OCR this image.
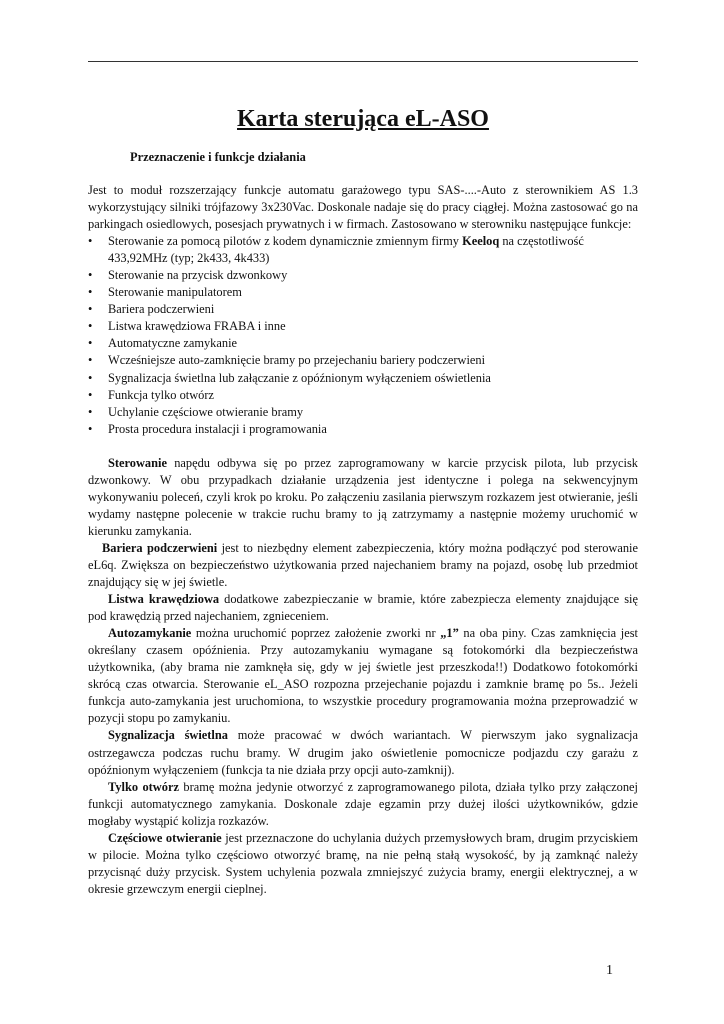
Karta sterująca eL-ASO
Przeznaczenie i funkcje działania

Jest to moduł rozszerzający funkcje automatu garażowego typu SAS-....-Auto z sterownikiem AS 1.3 wykorzystujący silniki trójfazowy 3x230Vac. Doskonale nadaje się do pracy ciągłej. Można zastosować go na parkingach osiedlowych, posesjach prywatnych i w firmach. Zastosowano w sterowniku następujące funkcje:

• Sterowanie za pomocą pilotów z kodem dynamicznie zmiennym firmy Keeloq na częstotliwość 433,92MHz (typ; 2k433, 4k433)
• Sterowanie na przycisk dzwonkowy
• Sterowanie manipulatorem
• Bariera podczerwieni
• Listwa krawędziowa FRABA i inne
• Automatyczne zamykanie
• Wcześniejsze auto-zamknięcie bramy po przejechaniu bariery podczerwieni
• Sygnalizacja świetlna lub załączanie z opóźnionym wyłączeniem oświetlenia
• Funkcja tylko otwórz
• Uchylanie częściowe otwieranie bramy
• Prosta procedura instalacji i programowania

Sterowanie napędu odbywa się po przez zaprogramowany w karcie przycisk pilota, lub przycisk dzwonkowy. W obu przypadkach działanie urządzenia jest identyczne i polega na sekwencyjnym wykonywaniu poleceń, czyli krok po kroku. Po załączeniu zasilania pierwszym rozkazem jest otwieranie, jeśli wydamy następne polecenie w trakcie ruchu bramy to ją zatrzymamy a następnie możemy uruchomić w kierunku zamykania.

Bariera podczerwieni jest to niezbędny element zabezpieczenia, który można podłączyć pod sterowanie eL6q. Zwiększa on bezpieczeństwo użytkowania przed najechaniem bramy na pojazd, osobę lub przedmiot znajdujący się w jej świetle.

Listwa krawędziowa dodatkowe zabezpieczanie w bramie, które zabezpiecza elementy znajdujące się pod krawędzią przed najechaniem, zgnieceniem.

Autozamykanie można uruchomić poprzez założenie zworki nr „1” na oba piny. Czas zamknięcia jest określany czasem opóźnienia. Przy autozamykaniu wymagane są fotokomórki dla bezpieczeństwa użytkownika, (aby brama nie zamknęła się, gdy w jej świetle jest przeszkoda!!) Dodatkowo fotokomórki skrócą czas otwarcia. Sterowanie eL_ASO rozpozna przejechanie pojazdu i zamknie bramę po 5s.. Jeżeli funkcja auto-zamykania jest uruchomiona, to wszystkie procedury programowania można przeprowadzić w pozycji stopu po zamykaniu.

Sygnalizacja świetlna może pracować w dwóch wariantach. W pierwszym jako sygnalizacja ostrzegawcza podczas ruchu bramy. W drugim jako oświetlenie pomocnicze podjazdu czy garażu z opóźnionym wyłączeniem (funkcja ta nie działa przy opcji auto-zamknij).

Tylko otwórz bramę można jedynie otworzyć z zaprogramowanego pilota, działa tylko przy załączonej funkcji automatycznego zamykania. Doskonale zdaje egzamin przy dużej ilości użytkowników, gdzie mogłaby wystąpić kolizja rozkazów.

Częściowe otwieranie jest przeznaczone do uchylania dużych przemysłowych bram, drugim przyciskiem w pilocie. Można tylko częściowo otworzyć bramę, na nie pełną stałą wysokość, by ją zamknąć należy przycisnąć duży przycisk. System uchylenia pozwala zmniejszyć zużycia bramy, energii elektrycznej, a w okresie grzewczym energii cieplnej.

1
